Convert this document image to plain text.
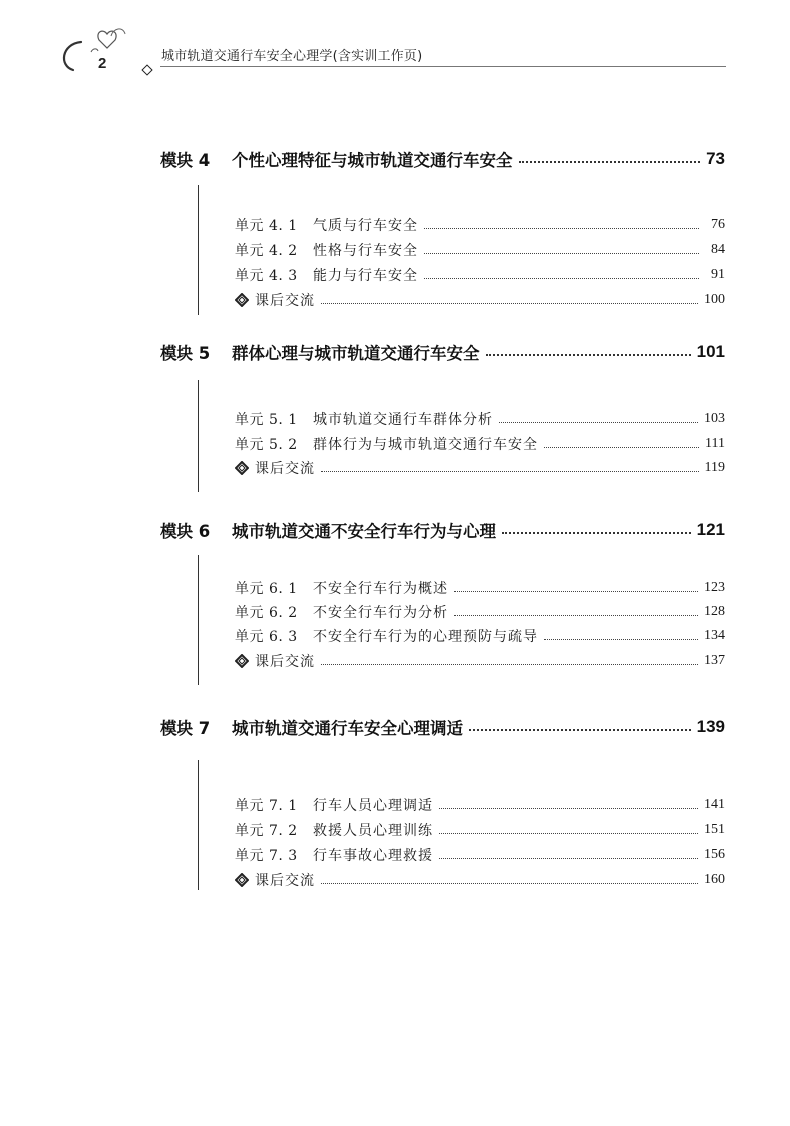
2	城市轨道交通行车安全心理学(含实训工作页)
模块 4	个性心理特征与城市轨道交通行车安全	73
单元 4. 1	气质与行车安全	76
单元 4. 2	性格与行车安全	84
单元 4. 3	能力与行车安全	91
课后交流	100
模块 5	群体心理与城市轨道交通行车安全	101
单元 5. 1	城市轨道交通行车群体分析	103
单元 5. 2	群体行为与城市轨道交通行车安全	111
课后交流	119
模块 6	城市轨道交通不安全行车行为与心理	121
单元 6. 1	不安全行车行为概述	123
单元 6. 2	不安全行车行为分析	128
单元 6. 3	不安全行车行为的心理预防与疏导	134
课后交流	137
模块 7	城市轨道交通行车安全心理调适	139
单元 7. 1	行车人员心理调适	141
单元 7. 2	救援人员心理训练	151
单元 7. 3	行车事故心理救援	156
课后交流	160
